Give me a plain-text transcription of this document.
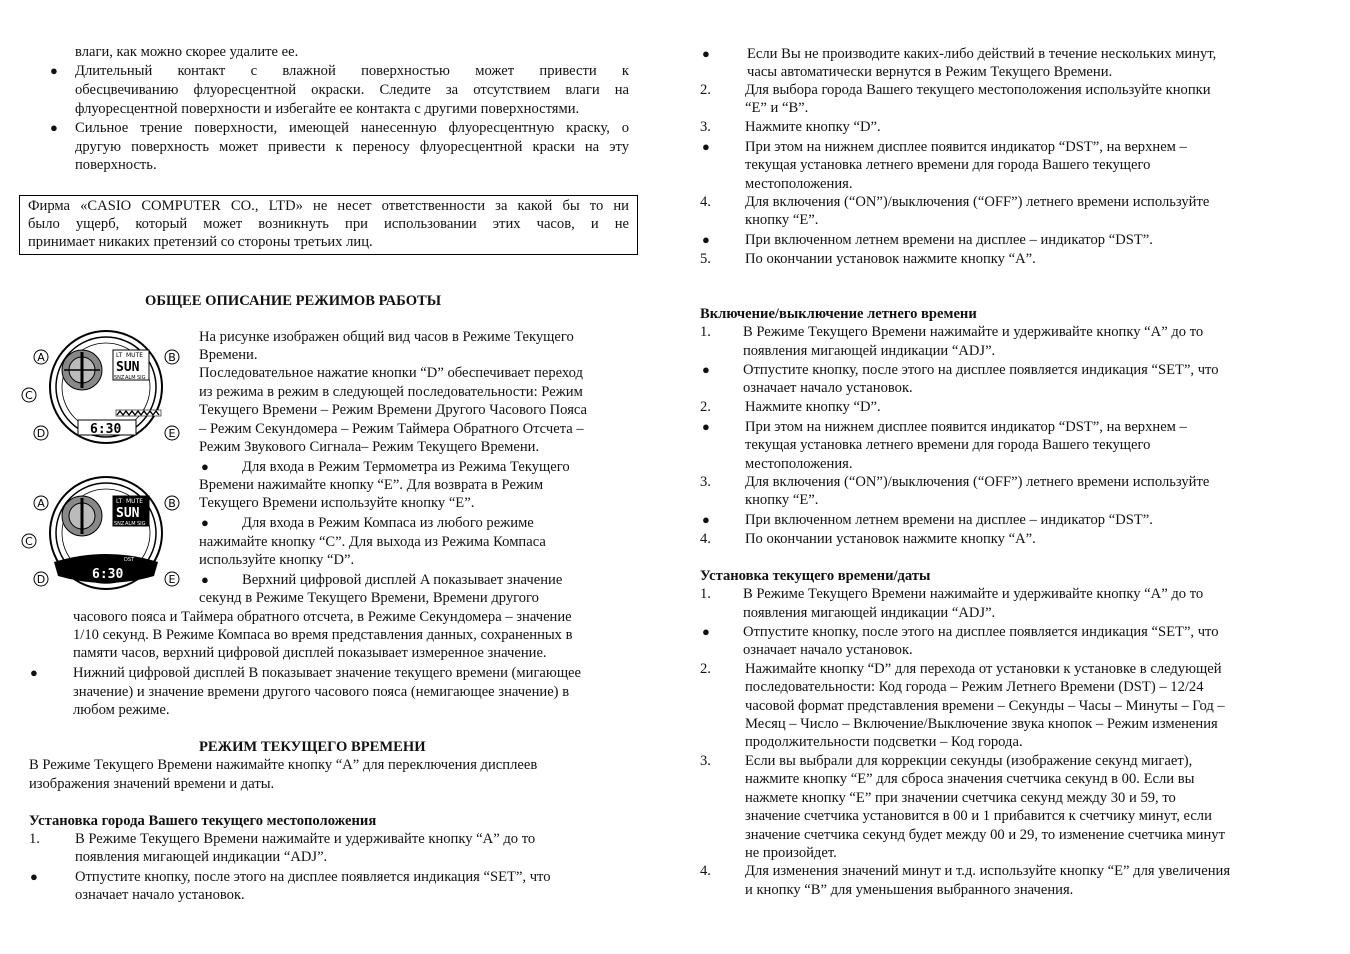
влаги, как можно скорее удалите ее.
● Длительный контакт с влажной поверхностью может привести к
обесцвечиванию флуоресцентной окраски. Следите за отсутствием влаги на
флуоресцентной поверхности и избегайте ее контакта с другими поверхностями.
● Сильное трение поверхности, имеющей нанесенную флуоресцентную краску, о
другую поверхность может привести к переносу флуоресцентной краски на эту
поверхность.
Фирма «CASIO COMPUTER CO., LTD» не несет ответственности за какой бы то ни
было ущерб, который может возникнуть при использовании этих часов, и не
принимает никаких претензий со стороны третьих лиц.
ОБЩЕЕ ОПИСАНИЕ РЕЖИМОВ РАБОТЫ
На рисунке изображен общий вид часов в Режиме Текущего
Времени.
Последовательное нажатие кнопки “D” обеспечивает переход
из режима в режим в следующей последовательности: Режим
Текущего Времени – Режим Времени Другого Часового Пояса
– Режим Секундомера – Режим Таймера Обратного Отсчета –
Режим Звукового Сигнала– Режим Текущего Времени.
● Для входа в Режим Термометра из Режима Текущего
Времени нажимайте кнопку “E”. Для возврата в Режим
Текущего Времени используйте кнопку “E”.
● Для входа в Режим Компаса из любого режиме
нажимайте кнопку “C”. Для выхода из Режима Компаса
используйте кнопку “D”.
● Верхний цифровой дисплей A показывает значение
секунд в Режиме Текущего Времени, Времени другого
часового пояса и Таймера обратного отсчета, в Режиме Секундомера – значение
1/10 секунд. В Режиме Компаса во время представления данных, сохраненных в
памяти часов, верхний цифровой дисплей показывает измеренное значение.
● Нижний цифровой дисплей B показывает значение текущего времени (мигающее
значение) и значение времени другого часового пояса (немигающее значение) в
любом режиме.
РЕЖИМ ТЕКУЩЕГО ВРЕМЕНИ
В Режиме Текущего Времени нажимайте кнопку “A” для переключения дисплеев
изображения значений времени и даты.
Установка города Вашего текущего местоположения
1. В Режиме Текущего Времени нажимайте и удерживайте кнопку “A” до то
появления мигающей индикации “ADJ”.
●	Отпустите кнопку, после этого на дисплее появляется индикация “SET”, что
означает начало установок.
LT MUTE
SUN
SNZ ALM SIG
6:30
A	B
C
D	E
LT MUTE
SUN
SNZ ALM SIG
DST
6:30
A	B
C
D	E
●	Если Вы не производите каких-либо действий в течение нескольких минут,
часы автоматически вернутся в Режим Текущего Времени.
2. Для выбора города Вашего текущего местоположения используйте кнопки
“E” и “B”.
3. Нажмите кнопку “D”.
● При этом на нижнем дисплее появится индикатор “DST”, на верхнем –
текущая установка летнего времени для города Вашего текущего
местоположения.
4. Для включения (“ON”)/выключения (“OFF”) летнего времени используйте
кнопку “E”.
● При включенном летнем времени на дисплее – индикатор “DST”.
5. По окончании установок нажмите кнопку “A”.
Включение/выключение летнего времени
1. В Режиме Текущего Времени нажимайте и удерживайте кнопку “A” до то
появления мигающей индикации “ADJ”.
● Отпустите кнопку, после этого на дисплее появляется индикация “SET”, что
означает начало установок.
2. Нажмите кнопку “D”.
● При этом на нижнем дисплее появится индикатор “DST”, на верхнем –
текущая установка летнего времени для города Вашего текущего
местоположения.
3. Для включения (“ON”)/выключения (“OFF”) летнего времени используйте
кнопку “E”.
● При включенном летнем времени на дисплее – индикатор “DST”.
4. По окончании установок нажмите кнопку “A”.
Установка текущего времени/даты
1. В Режиме Текущего Времени нажимайте и удерживайте кнопку “A” до то
появления мигающей индикации “ADJ”.
● Отпустите кнопку, после этого на дисплее появляется индикация “SET”, что
означает начало установок.
2. Нажимайте кнопку “D” для перехода от установки к установке в следующей
последовательности: Код города – Режим Летнего Времени (DST) – 12/24
часовой формат представления времени – Секунды – Часы – Минуты – Год –
Месяц – Число – Включение/Выключение звука кнопок – Режим изменения
продолжительности подсветки – Код города.
3. Если вы выбрали для коррекции секунды (изображение секунд мигает),
нажмите кнопку “E” для сброса значения счетчика секунд в 00. Если вы
нажмете кнопку “E” при значении счетчика секунд между 30 и 59, то
значение счетчика установится в 00 и 1 прибавится к счетчику минут, если
значение счетчика секунд будет между 00 и 29, то изменение счетчика минут
не произойдет.
4. Для изменения значений минут и т.д. используйте кнопку “E” для увеличения
и кнопку “B” для уменьшения выбранного значения.
